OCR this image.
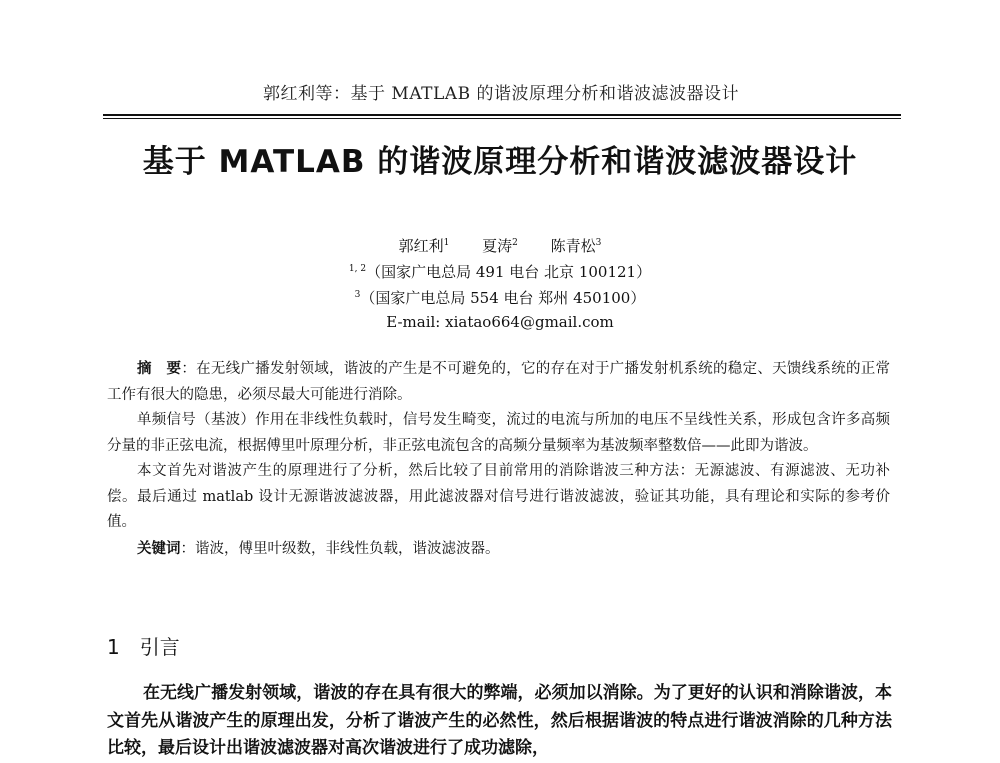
郭红利等：基于 MATLAB 的谐波原理分析和谐波滤波器设计
基于 MATLAB 的谐波原理分析和谐波滤波器设计
郭红利$^1$ 夏涛$^2$ 陈青松$^3$
$^{1, 2}$（国家广电总局 491 电台 北京 100121）
$^3$（国家广电总局 554 电台 郑州 450100）
E-mail: xiatao664@gmail.com

摘　要：在无线广播发射领域，谐波的产生是不可避免的，它的存在对于广播发射机系统的稳定、天馈线系统的正常工作有很大的隐患，必须尽最大可能进行消除。

单频信号（基波）作用在非线性负载时，信号发生畸变，流过的电流与所加的电压不呈线性关系，形成包含许多高频分量的非正弦电流，根据傅里叶原理分析，非正弦电流包含的高频分量频率为基波频率整数倍——此即为谐波。

本文首先对谐波产生的原理进行了分析，然后比较了目前常用的消除谐波三种方法：无源滤波、有源滤波、无功补偿。最后通过 matlab 设计无源谐波滤波器，用此滤波器对信号进行谐波滤波，验证其功能，具有理论和实际的参考价值。

关键词：谐波，傅里叶级数，非线性负载，谐波滤波器。

1 引言

在无线广播发射领域，谐波的存在具有很大的弊端，必须加以消除。为了更好的认识和消除谐波，本文首先从谐波产生的原理出发，分析了谐波产生的必然性，然后根据谐波的特点进行谐波消除的几种方法比较，最后设计出谐波滤波器对高次谐波进行了成功滤除，
